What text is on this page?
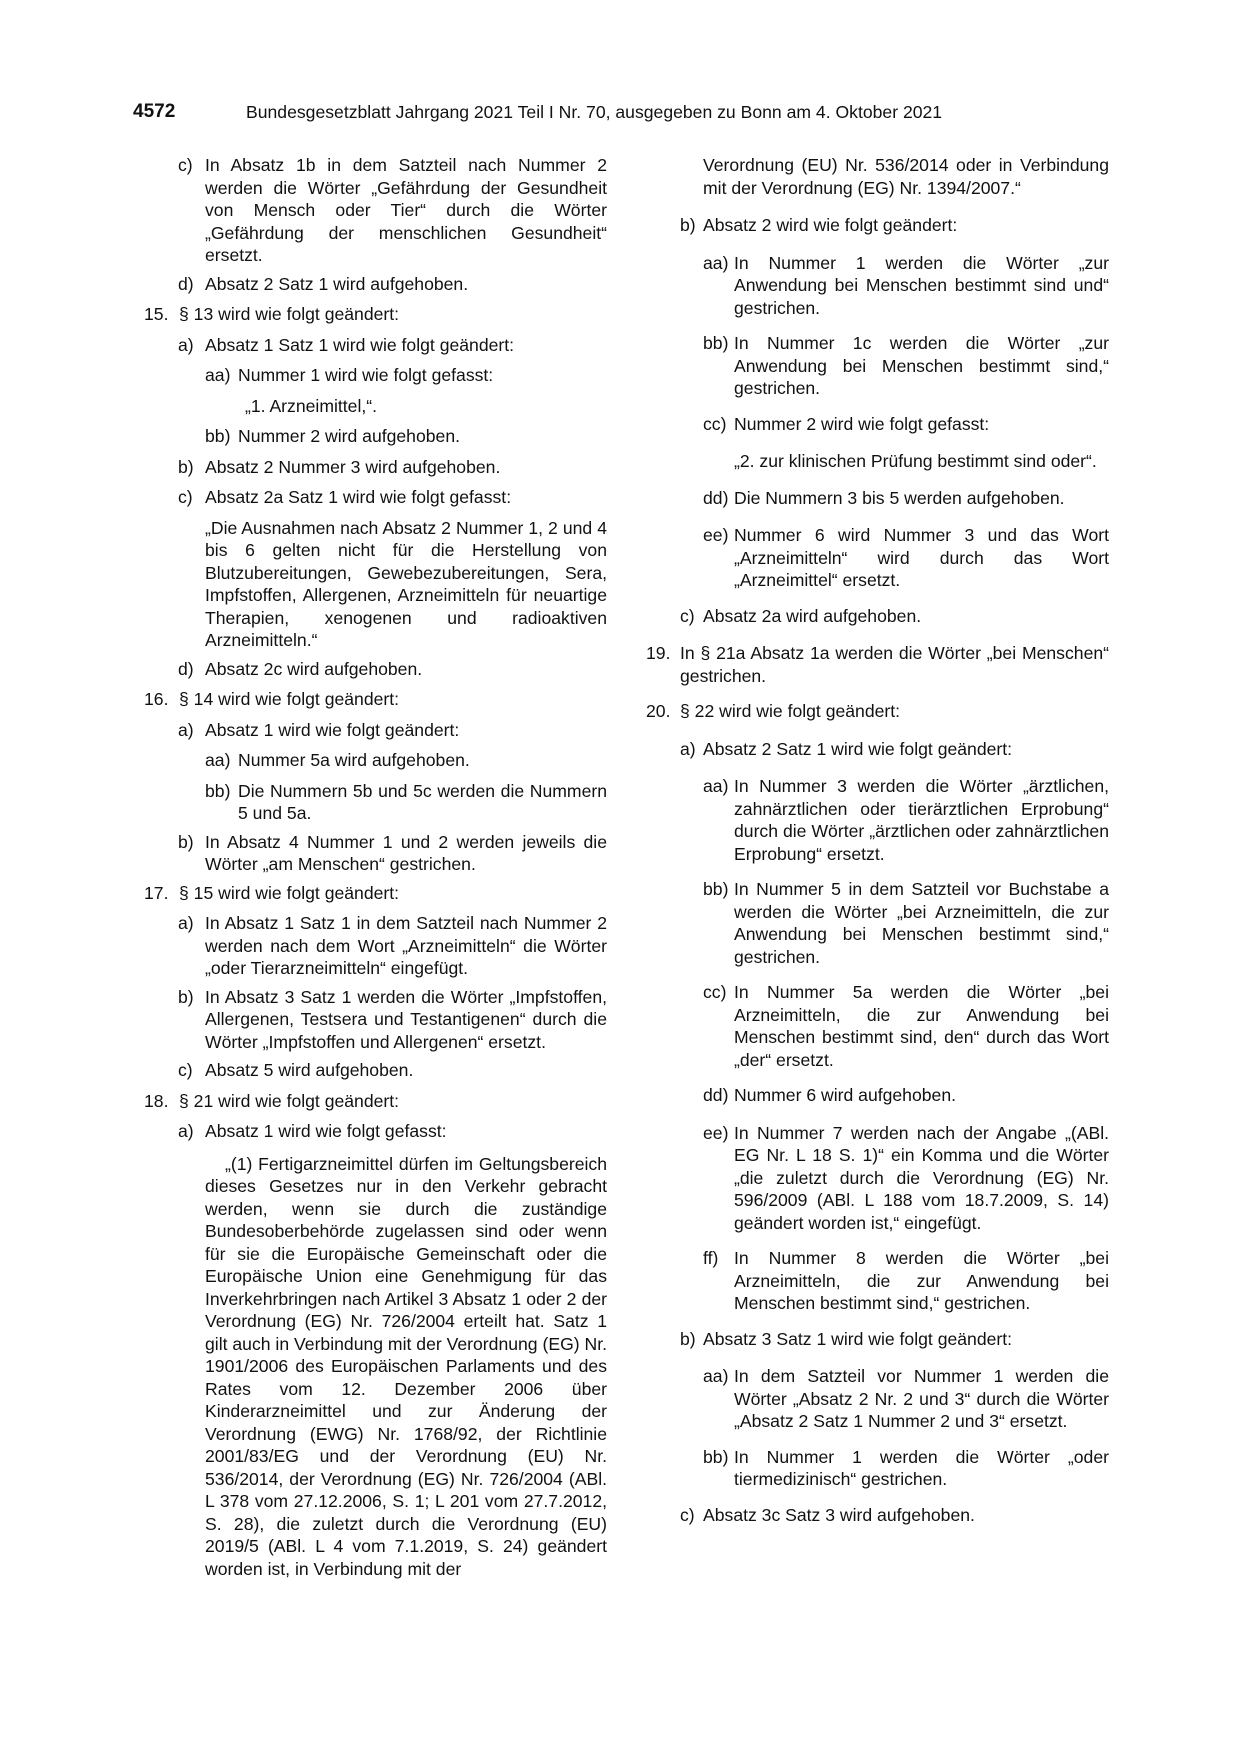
4572	Bundesgesetzblatt Jahrgang 2021 Teil I Nr. 70, ausgegeben zu Bonn am 4. Oktober 2021
c) In Absatz 1b in dem Satzteil nach Nummer 2 werden die Wörter „Gefährdung der Gesundheit von Mensch oder Tier“ durch die Wörter „Gefährdung der menschlichen Gesundheit“ ersetzt.
d) Absatz 2 Satz 1 wird aufgehoben.
15. § 13 wird wie folgt geändert:
a) Absatz 1 Satz 1 wird wie folgt geändert:
aa) Nummer 1 wird wie folgt gefasst:
„1. Arzneimittel,“.
bb) Nummer 2 wird aufgehoben.
b) Absatz 2 Nummer 3 wird aufgehoben.
c) Absatz 2a Satz 1 wird wie folgt gefasst:
„Die Ausnahmen nach Absatz 2 Nummer 1, 2 und 4 bis 6 gelten nicht für die Herstellung von Blutzubereitungen, Gewebezubereitungen, Sera, Impfstoffen, Allergenen, Arzneimitteln für neuartige Therapien, xenogenen und radioaktiven Arzneimitteln.“
d) Absatz 2c wird aufgehoben.
16. § 14 wird wie folgt geändert:
a) Absatz 1 wird wie folgt geändert:
aa) Nummer 5a wird aufgehoben.
bb) Die Nummern 5b und 5c werden die Nummern 5 und 5a.
b) In Absatz 4 Nummer 1 und 2 werden jeweils die Wörter „am Menschen“ gestrichen.
17. § 15 wird wie folgt geändert:
a) In Absatz 1 Satz 1 in dem Satzteil nach Nummer 2 werden nach dem Wort „Arzneimitteln“ die Wörter „oder Tierarzneimitteln“ eingefügt.
b) In Absatz 3 Satz 1 werden die Wörter „Impfstoffen, Allergenen, Testsera und Testantigenen“ durch die Wörter „Impfstoffen und Allergenen“ ersetzt.
c) Absatz 5 wird aufgehoben.
18. § 21 wird wie folgt geändert:
a) Absatz 1 wird wie folgt gefasst:
„(1) Fertigarzneimittel dürfen im Geltungsbereich dieses Gesetzes nur in den Verkehr gebracht werden, wenn sie durch die zuständige Bundesoberbehörde zugelassen sind oder wenn für sie die Europäische Gemeinschaft oder die Europäische Union eine Genehmigung für das Inverkehrbringen nach Artikel 3 Absatz 1 oder 2 der Verordnung (EG) Nr. 726/2004 erteilt hat. Satz 1 gilt auch in Verbindung mit der Verordnung (EG) Nr. 1901/2006 des Europäischen Parlaments und des Rates vom 12. Dezember 2006 über Kinderarzneimittel und zur Änderung der Verordnung (EWG) Nr. 1768/92, der Richtlinie 2001/83/EG und der Verordnung (EU) Nr. 536/2014, der Verordnung (EG) Nr. 726/2004 (ABl. L 378 vom 27.12.2006, S. 1; L 201 vom 27.7.2012, S. 28), die zuletzt durch die Verordnung (EU) 2019/5 (ABl. L 4 vom 7.1.2019, S. 24) geändert worden ist, in Verbindung mit der
Verordnung (EU) Nr. 536/2014 oder in Verbindung mit der Verordnung (EG) Nr. 1394/2007.“
b) Absatz 2 wird wie folgt geändert:
aa) In Nummer 1 werden die Wörter „zur Anwendung bei Menschen bestimmt sind und“ gestrichen.
bb) In Nummer 1c werden die Wörter „zur Anwendung bei Menschen bestimmt sind,“ gestrichen.
cc) Nummer 2 wird wie folgt gefasst:
„2. zur klinischen Prüfung bestimmt sind oder“.
dd) Die Nummern 3 bis 5 werden aufgehoben.
ee) Nummer 6 wird Nummer 3 und das Wort „Arzneimitteln“ wird durch das Wort „Arzneimittel“ ersetzt.
c) Absatz 2a wird aufgehoben.
19. In § 21a Absatz 1a werden die Wörter „bei Menschen“ gestrichen.
20. § 22 wird wie folgt geändert:
a) Absatz 2 Satz 1 wird wie folgt geändert:
aa) In Nummer 3 werden die Wörter „ärztlichen, zahnärztlichen oder tierärztlichen Erprobung“ durch die Wörter „ärztlichen oder zahnärztlichen Erprobung“ ersetzt.
bb) In Nummer 5 in dem Satzteil vor Buchstabe a werden die Wörter „bei Arzneimitteln, die zur Anwendung bei Menschen bestimmt sind,“ gestrichen.
cc) In Nummer 5a werden die Wörter „bei Arzneimitteln, die zur Anwendung bei Menschen bestimmt sind, den“ durch das Wort „der“ ersetzt.
dd) Nummer 6 wird aufgehoben.
ee) In Nummer 7 werden nach der Angabe „(ABl. EG Nr. L 18 S. 1)“ ein Komma und die Wörter „die zuletzt durch die Verordnung (EG) Nr. 596/2009 (ABl. L 188 vom 18.7.2009, S. 14) geändert worden ist,“ eingefügt.
ff) In Nummer 8 werden die Wörter „bei Arzneimitteln, die zur Anwendung bei Menschen bestimmt sind,“ gestrichen.
b) Absatz 3 Satz 1 wird wie folgt geändert:
aa) In dem Satzteil vor Nummer 1 werden die Wörter „Absatz 2 Nr. 2 und 3“ durch die Wörter „Absatz 2 Satz 1 Nummer 2 und 3“ ersetzt.
bb) In Nummer 1 werden die Wörter „oder tiermedizinisch“ gestrichen.
c) Absatz 3c Satz 3 wird aufgehoben.
